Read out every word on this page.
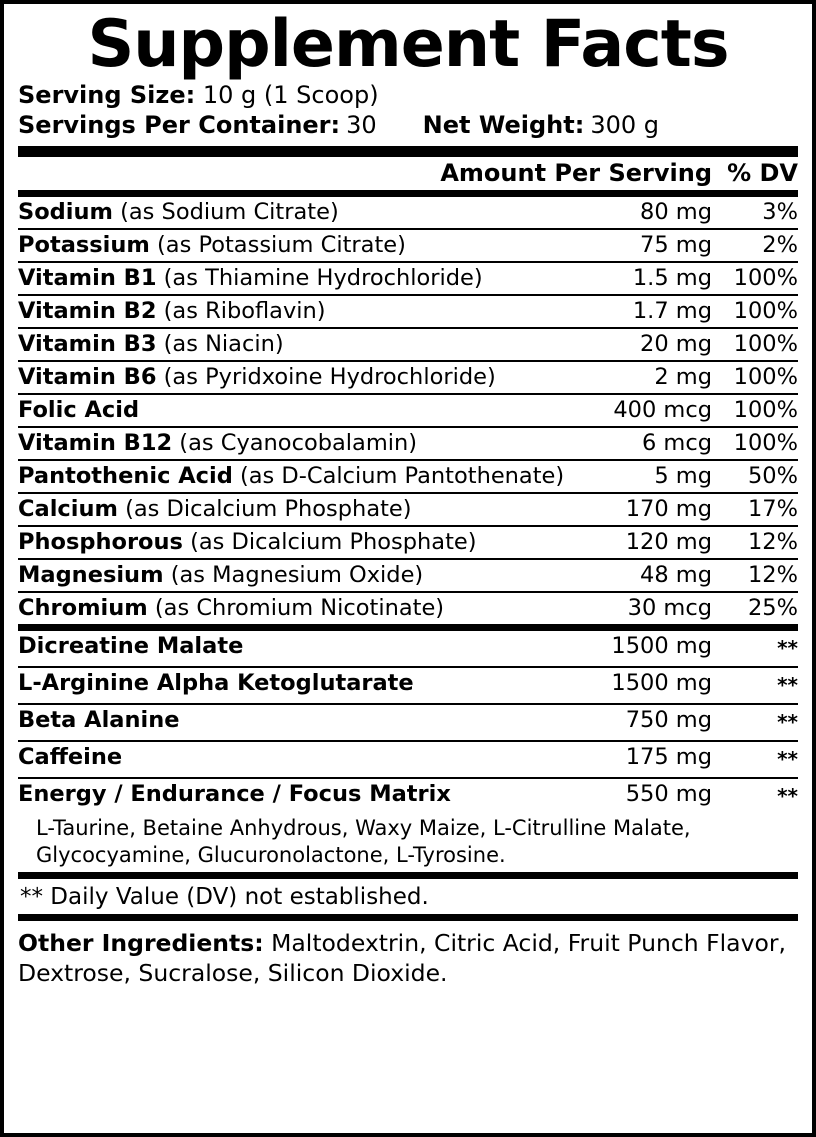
Supplement Facts
Serving Size: 10 g (1 Scoop)
Servings Per Container: 30 Net Weight: 300 g
	Amount Per Serving	% DV
Sodium (as Sodium Citrate)	80 mg	3%
Potassium (as Potassium Citrate)	75 mg	2%
Vitamin B1 (as Thiamine Hydrochloride)	1.5 mg	100%
Vitamin B2 (as Riboflavin)	1.7 mg	100%
Vitamin B3 (as Niacin)	20 mg	100%
Vitamin B6 (as Pyridxoine Hydrochloride)	2 mg	100%
Folic Acid	400 mcg	100%
Vitamin B12 (as Cyanocobalamin)	6 mcg	100%
Pantothenic Acid (as D-Calcium Pantothenate)	5 mg	50%
Calcium (as Dicalcium Phosphate)	170 mg	17%
Phosphorous (as Dicalcium Phosphate)	120 mg	12%
Magnesium (as Magnesium Oxide)	48 mg	12%
Chromium (as Chromium Nicotinate)	30 mcg	25%
Dicreatine Malate	1500 mg	**
L-Arginine Alpha Ketoglutarate	1500 mg	**
Beta Alanine	750 mg	**
Caffeine	175 mg	**
Energy / Endurance / Focus Matrix	550 mg	**
L-Taurine, Betaine Anhydrous, Waxy Maize, L-Citrulline Malate, Glycocyamine, Glucuronolactone, L-Tyrosine.
** Daily Value (DV) not established.
Other Ingredients: Maltodextrin, Citric Acid, Fruit Punch Flavor, Dextrose, Sucralose, Silicon Dioxide.
